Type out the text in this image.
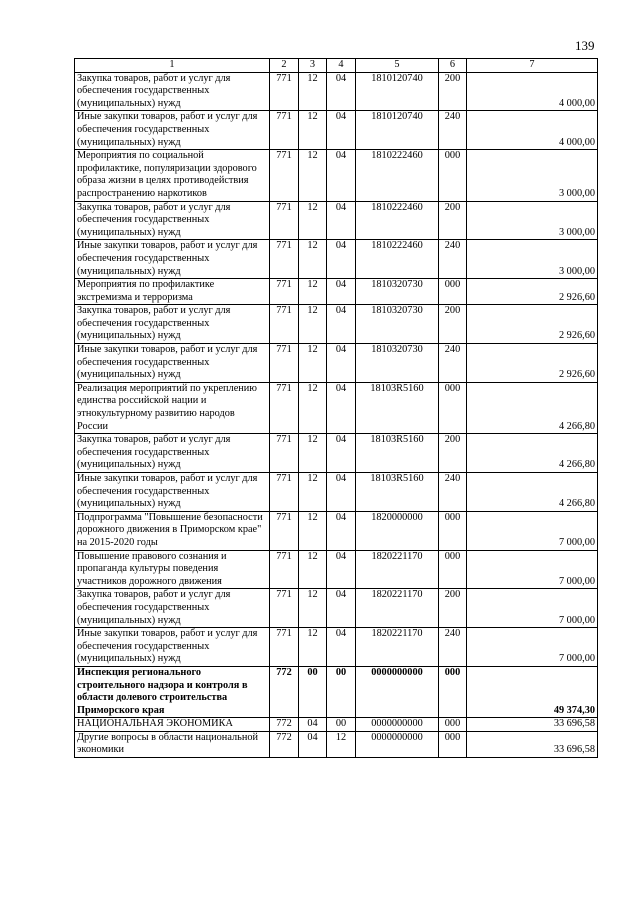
139
1	2	3	4	5	6	7
Закупка товаров, работ и услуг для обеспечения государственных (муниципальных) нужд	771	12	04	1810120740	200	4 000,00
Иные закупки товаров, работ и услуг для обеспечения государственных (муниципальных) нужд	771	12	04	1810120740	240	4 000,00
Мероприятия по социальной профилактике, популяризации здорового образа жизни в целях противодействия распространению наркотиков	771	12	04	1810222460	000	3 000,00
Закупка товаров, работ и услуг для обеспечения государственных (муниципальных) нужд	771	12	04	1810222460	200	3 000,00
Иные закупки товаров, работ и услуг для обеспечения государственных (муниципальных) нужд	771	12	04	1810222460	240	3 000,00
Мероприятия по профилактике экстремизма и терроризма	771	12	04	1810320730	000	2 926,60
Закупка товаров, работ и услуг для обеспечения государственных (муниципальных) нужд	771	12	04	1810320730	200	2 926,60
Иные закупки товаров, работ и услуг для обеспечения государственных (муниципальных) нужд	771	12	04	1810320730	240	2 926,60
Реализация мероприятий по укреплению единства российской нации и этнокультурному развитию народов России	771	12	04	18103R5160	000	4 266,80
Закупка товаров, работ и услуг для обеспечения государственных (муниципальных) нужд	771	12	04	18103R5160	200	4 266,80
Иные закупки товаров, работ и услуг для обеспечения государственных (муниципальных) нужд	771	12	04	18103R5160	240	4 266,80
Подпрограмма "Повышение безопасности дорожного движения в Приморском крае" на 2015-2020 годы	771	12	04	1820000000	000	7 000,00
Повышение правового сознания и пропаганда культуры поведения участников дорожного движения	771	12	04	1820221170	000	7 000,00
Закупка товаров, работ и услуг для обеспечения государственных (муниципальных) нужд	771	12	04	1820221170	200	7 000,00
Иные закупки товаров, работ и услуг для обеспечения государственных (муниципальных) нужд	771	12	04	1820221170	240	7 000,00
Инспекция регионального строительного надзора и контроля в области долевого строительства Приморского края	772	00	00	0000000000	000	49 374,30
НАЦИОНАЛЬНАЯ ЭКОНОМИКА	772	04	00	0000000000	000	33 696,58
Другие вопросы в области национальной экономики	772	04	12	0000000000	000	33 696,58
